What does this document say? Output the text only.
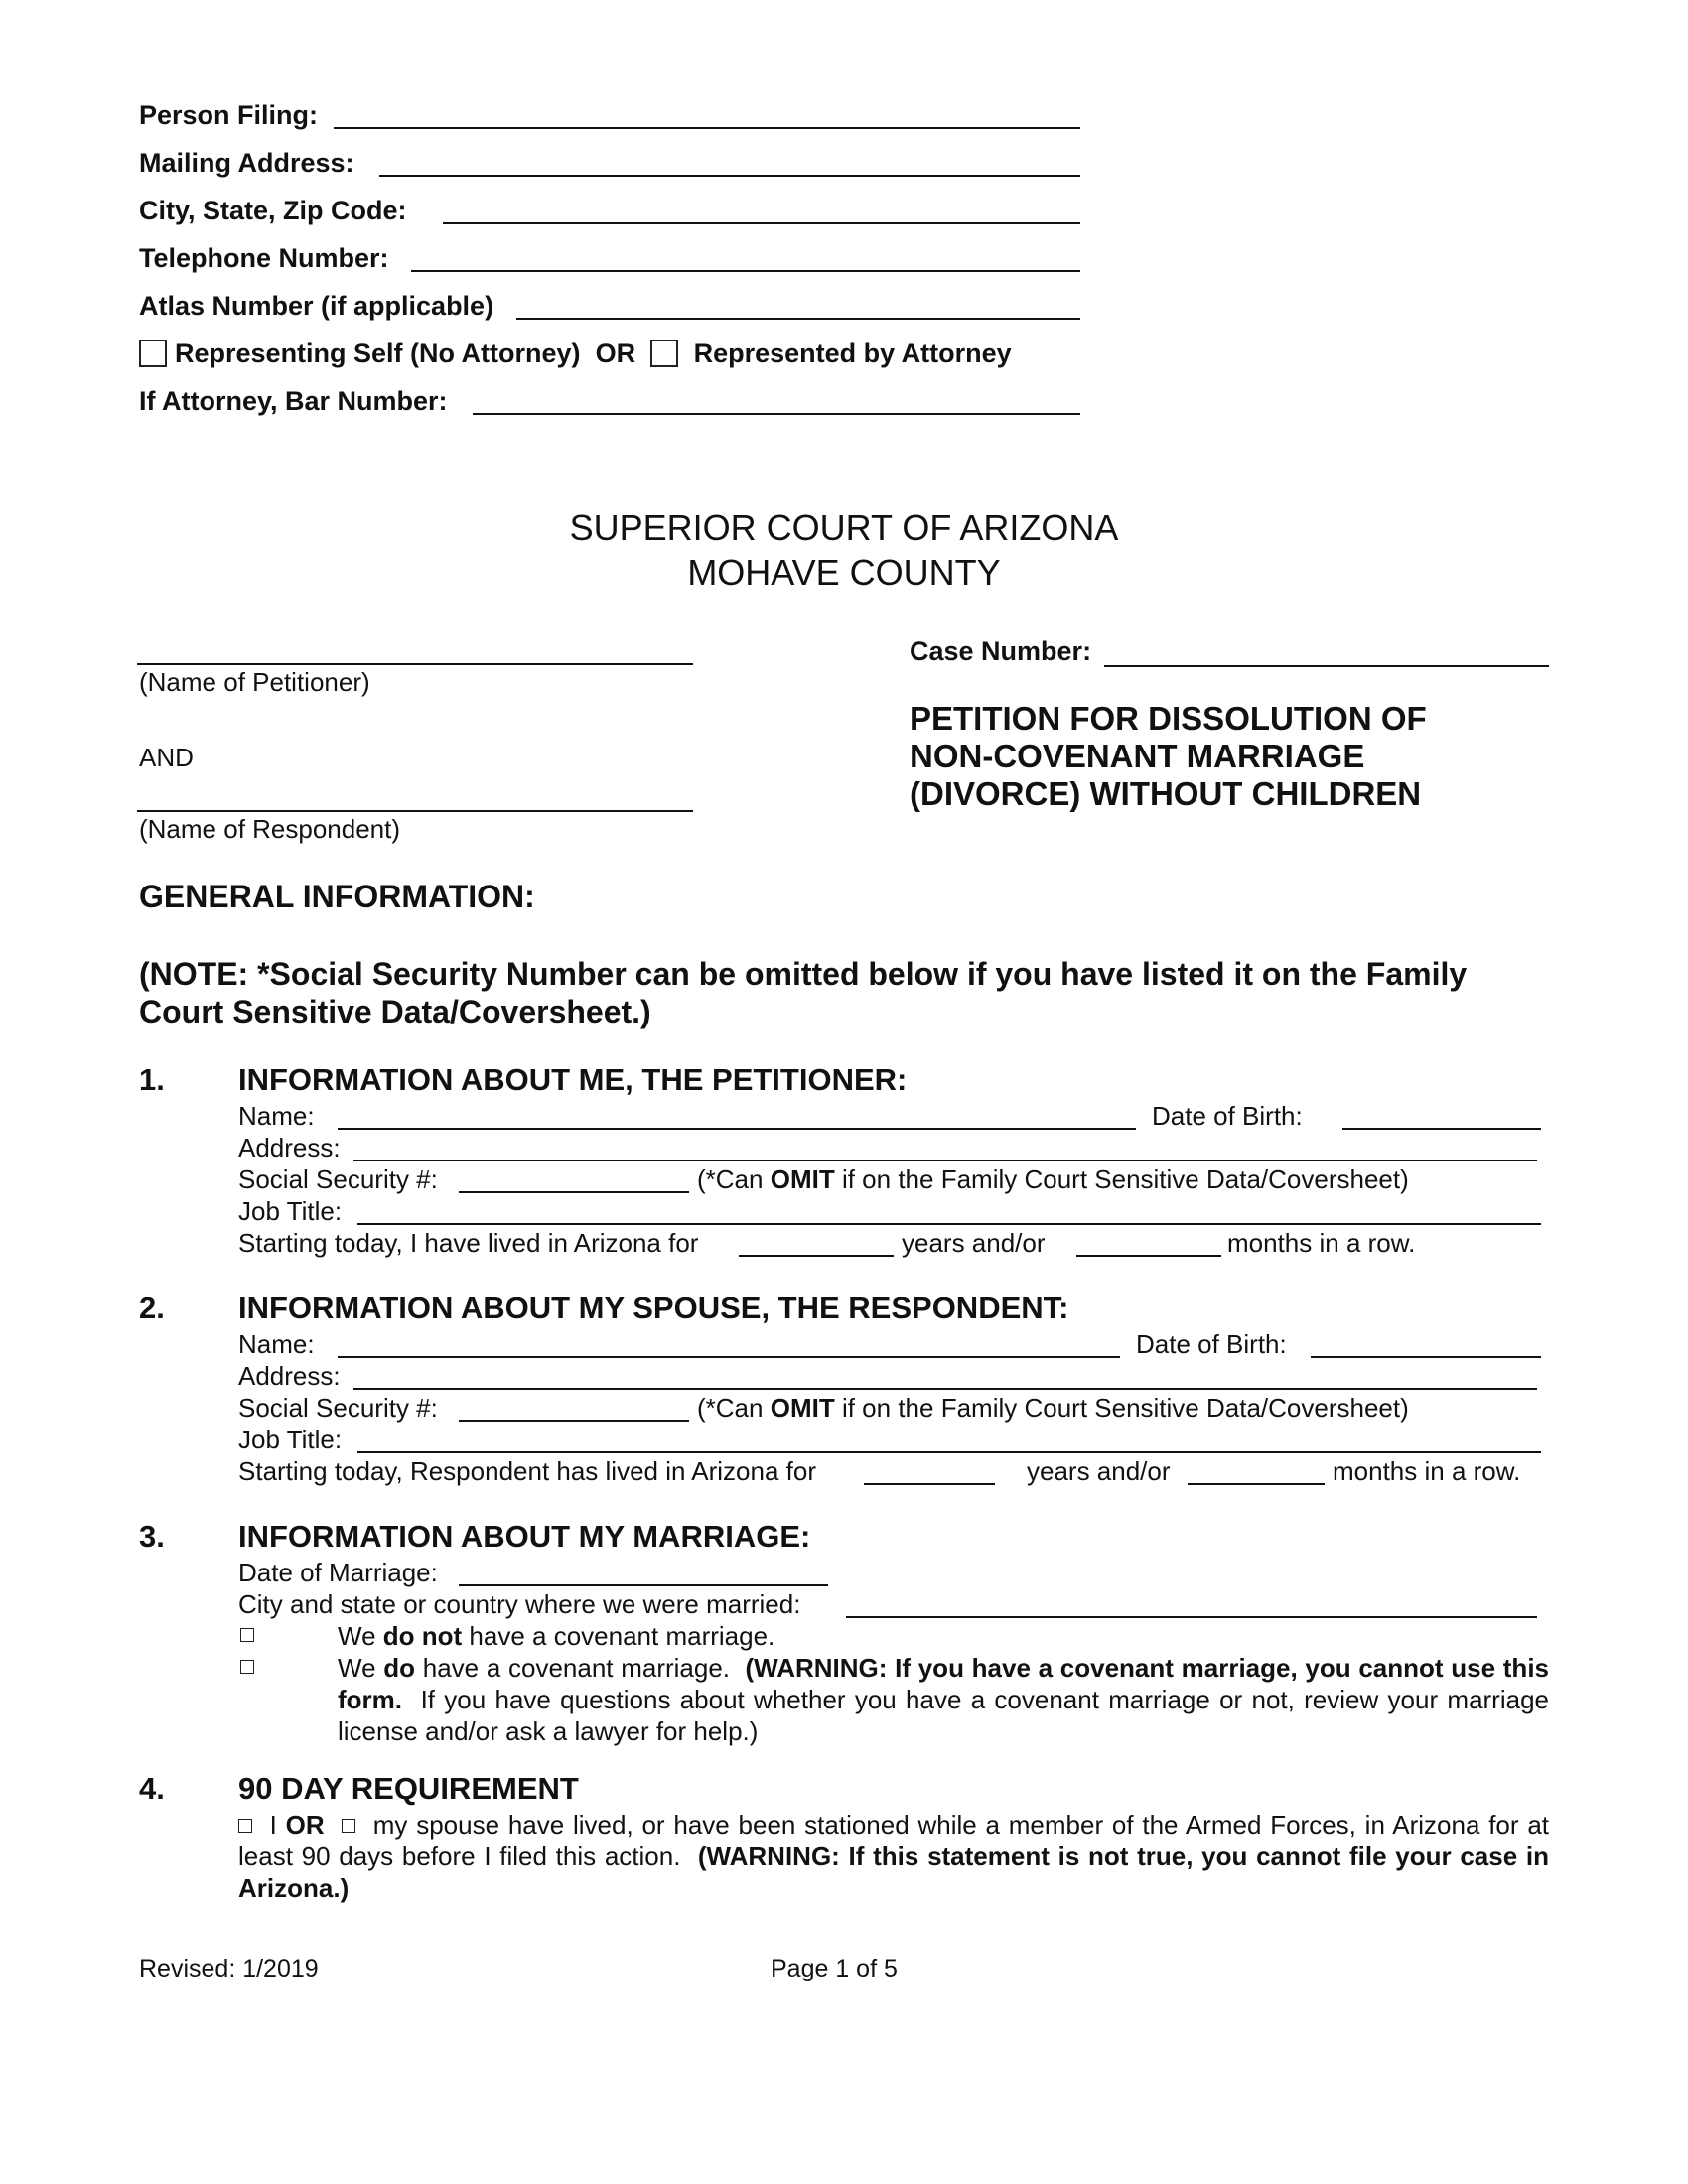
Person Filing:
Mailing Address:
City, State, Zip Code:
Telephone Number:
Atlas Number (if applicable)
Representing Self (No Attorney) OR Represented by Attorney
If Attorney, Bar Number:
SUPERIOR COURT OF ARIZONA
MOHAVE COUNTY
(Name of Petitioner)
AND
(Name of Respondent)
Case Number:
PETITION FOR DISSOLUTION OF
NON-COVENANT MARRIAGE
(DIVORCE) WITHOUT CHILDREN
GENERAL INFORMATION:
(NOTE: *Social Security Number can be omitted below if you have listed it on the Family
Court Sensitive Data/Coversheet.)
1. INFORMATION ABOUT ME, THE PETITIONER:
Name:	Date of Birth:
Address:
Social Security #:	(*Can OMIT if on the Family Court Sensitive Data/Coversheet)
Job Title:
Starting today, I have lived in Arizona for	years and/or	months in a row.
2. INFORMATION ABOUT MY SPOUSE, THE RESPONDENT:
Name:	Date of Birth:
Address:
Social Security #:	(*Can OMIT if on the Family Court Sensitive Data/Coversheet)
Job Title:
Starting today, Respondent has lived in Arizona for	years and/or	months in a row.
3. INFORMATION ABOUT MY MARRIAGE:
Date of Marriage:
City and state or country where we were married:
We do not have a covenant marriage.
We do have a covenant marriage. (WARNING: If you have a covenant marriage, you cannot use this form. If you have questions about whether you have a covenant marriage or not, review your marriage license and/or ask a lawyer for help.)
4. 90 DAY REQUIREMENT
I OR my spouse have lived, or have been stationed while a member of the Armed Forces, in Arizona for at least 90 days before I filed this action. (WARNING: If this statement is not true, you cannot file your case in Arizona.)
Revised: 1/2019	Page 1 of 5
